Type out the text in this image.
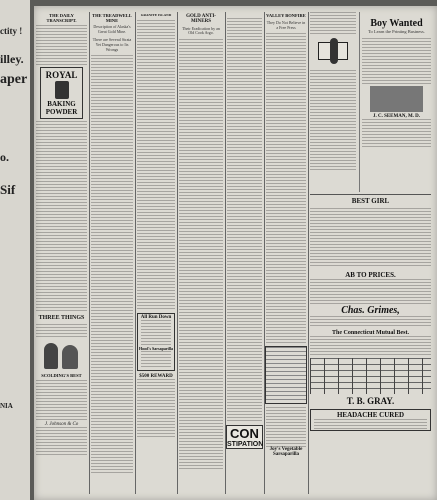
ctity !
illey.
aper
o.
Sif
NIA
THE DAILY TRANSCRIPT.
ROYAL
BAKING
POWDER
THREE THINGS
SCOLDING'S BEST
J. Johnson & Co
THE TREADWELL MINE
Description of Alaska's Great Gold Mine.
There are Several Strata Yet Dangerous to Its Wrongs
GRANITE ISLAND
All Run Down
Hood's Sarsaparilla
$500 REWARD
GOLD ANTI-MINERS
Their Eradication by an Old Cook Argo.
CON
STIPATION
VALLEY BONFIRE
They Do Not Believe in a Free Press
Joy's Vegetable Sarsaparilla
Boy Wanted
To Learn the Printing Business.
J. C. SEEMAN, M. D.
BEST GIRL
AB TO PRICES.
Chas. Grimes,
The Connecticut Mutual Best.
T. B. GRAY.
HEADACHE CURED
